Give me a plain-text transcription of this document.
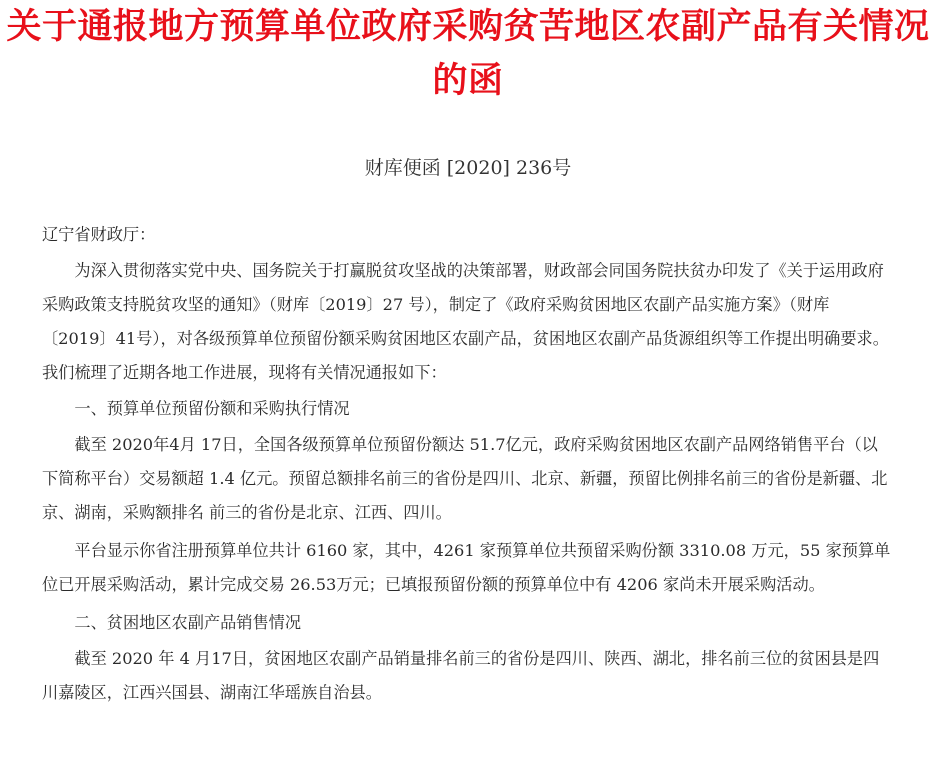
关于通报地方预算单位政府采购贫苦地区农副产品有关情况的函

财库便函 [2020] 236号

辽宁省财政厅：

为深入贯彻落实党中央、国务院关于打赢脱贫攻坚战的决策部署，财政部会同国务院扶贫办印发了《关于运用政府采购政策支持脱贫攻坚的通知》（财库〔2019〕27 号），制定了《政府采购贫困地区农副产品实施方案》（财库〔2019〕41号），对各级预算单位预留份额采购贫困地区农副产品，贫困地区农副产品货源组织等工作提出明确要求。我们梳理了近期各地工作进展，现将有关情况通报如下：

一、预算单位预留份额和采购执行情况

截至 2020年4月 17日，全国各级预算单位预留份额达 51.7亿元，政府采购贫困地区农副产品网络销售平台（以下简称平台）交易额超 1.4 亿元。预留总额排名前三的省份是四川、北京、新疆，预留比例排名前三的省份是新疆、北京、湖南，采购额排名 前三的省份是北京、江西、四川。

平台显示你省注册预算单位共计 6160 家，其中，4261 家预算单位共预留采购份额 3310.08 万元，55 家预算单位已开展采购活动，累计完成交易 26.53万元；已填报预留份额的预算单位中有 4206 家尚未开展采购活动。

二、贫困地区农副产品销售情况

截至 2020 年 4 月17日，贫困地区农副产品销量排名前三的省份是四川、陕西、湖北，排名前三位的贫困县是四川嘉陵区，江西兴国县、湖南江华瑶族自治县。
